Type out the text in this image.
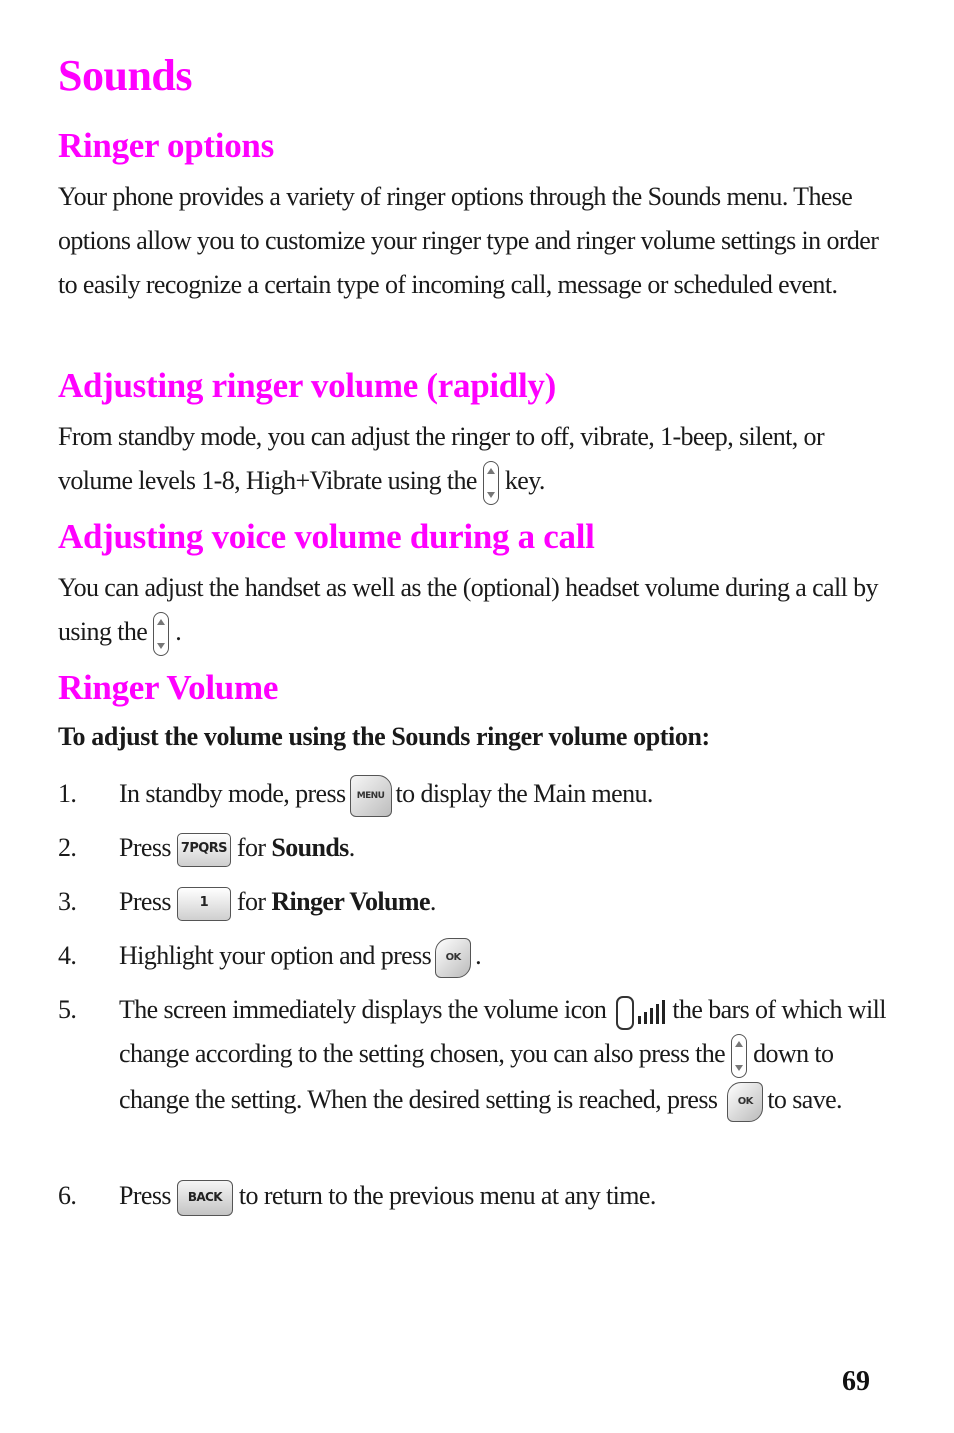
Sounds
Ringer options

Your phone provides a variety of ringer options through the Sounds menu. These options allow you to customize your ringer type and ringer volume settings in order to easily recognize a certain type of incoming call, message or scheduled event.

Adjusting ringer volume (rapidly)

From standby mode, you can adjust the ringer to off, vibrate, 1-beep, silent, or volume levels 1-8, High+Vibrate using the key.

Adjusting voice volume during a call

You can adjust the handset as well as the (optional) headset volume during a call by using the .

Ringer Volume

To adjust the volume using the Sounds ringer volume option:

1.	In standby mode, press MENU to display the Main menu.
2.	Press 7PQRS for Sounds.
3.	Press 1 for Ringer Volume.
4.	Highlight your option and press OK .
5.	The screen immediately displays the volume icon	the bars of which will change according to the setting chosen, you can also press the down to change the setting. When the desired setting is reached, press OK to save.
6.	Press BACK to return to the previous menu at any time.
69
